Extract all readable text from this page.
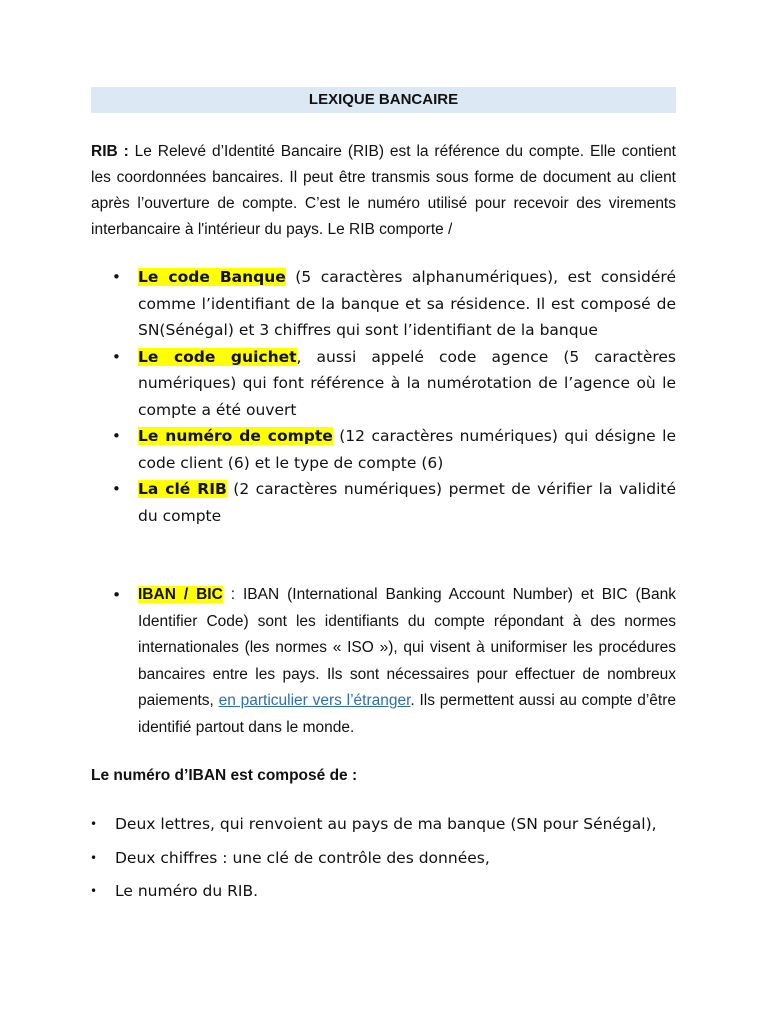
LEXIQUE BANCAIRE

RIB : Le Relevé d’Identité Bancaire (RIB) est la référence du compte. Elle contient les coordonnées bancaires. Il peut être transmis sous forme de document au client après l’ouverture de compte. C’est le numéro utilisé pour recevoir des virements interbancaire à l'intérieur du pays. Le RIB comporte /

• Le code Banque (5 caractères alphanumériques), est considéré comme l’identifiant de la banque et sa résidence. Il est composé de SN(Sénégal) et 3 chiffres qui sont l’identifiant de la banque
• Le code guichet, aussi appelé code agence (5 caractères numériques) qui font référence à la numérotation de l’agence où le compte a été ouvert
• Le numéro de compte (12 caractères numériques) qui désigne le code client (6) et le type de compte (6)
• La clé RIB (2 caractères numériques) permet de vérifier la validité du compte
• IBAN / BIC : IBAN (International Banking Account Number) et BIC (Bank Identifier Code) sont les identifiants du compte répondant à des normes internationales (les normes « ISO »), qui visent à uniformiser les procédures bancaires entre les pays. Ils sont nécessaires pour effectuer de nombreux paiements, en particulier vers l’étranger. Ils permettent aussi au compte d’être identifié partout dans le monde.
Le numéro d’IBAN est composé de :
• Deux lettres, qui renvoient au pays de ma banque (SN pour Sénégal),
• Deux chiffres : une clé de contrôle des données,
• Le numéro du RIB.
